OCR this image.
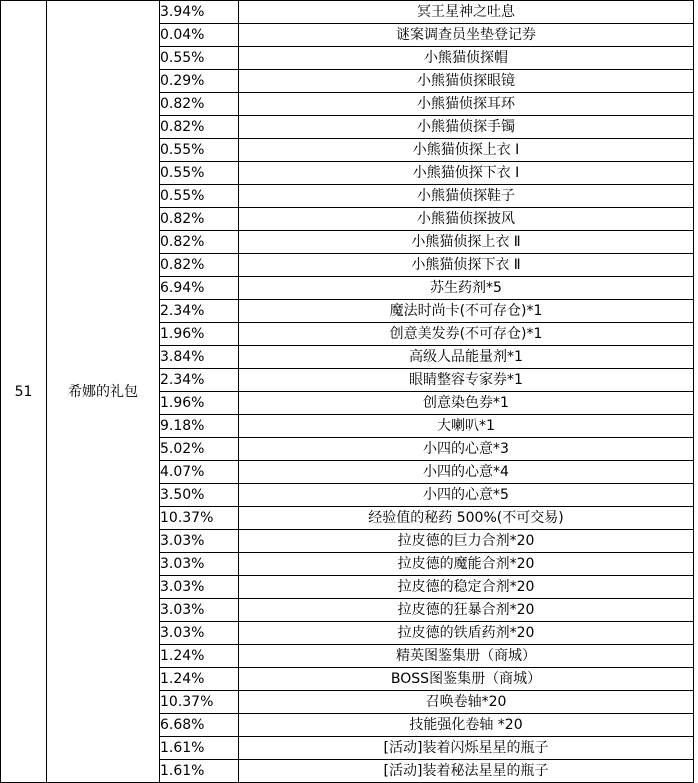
51	希娜的礼包	3.94%	冥王星神之吐息
		0.04%	谜案调查员坐垫登记券
		0.55%	小熊猫侦探帽
		0.29%	小熊猫侦探眼镜
		0.82%	小熊猫侦探耳环
		0.82%	小熊猫侦探手镯
		0.55%	小熊猫侦探上衣 Ⅰ
		0.55%	小熊猫侦探下衣 Ⅰ
		0.55%	小熊猫侦探鞋子
		0.82%	小熊猫侦探披风
		0.82%	小熊猫侦探上衣 Ⅱ
		0.82%	小熊猫侦探下衣 Ⅱ
		6.94%	苏生药剂*5
		2.34%	魔法时尚卡(不可存仓)*1
		1.96%	创意美发券(不可存仓)*1
		3.84%	高级人品能量剂*1
		2.34%	眼睛整容专家券*1
		1.96%	创意染色券*1
		9.18%	大喇叭*1
		5.02%	小四的心意*3
		4.07%	小四的心意*4
		3.50%	小四的心意*5
		10.37%	经验值的秘药 500%(不可交易)
		3.03%	拉皮德的巨力合剂*20
		3.03%	拉皮德的魔能合剂*20
		3.03%	拉皮德的稳定合剂*20
		3.03%	拉皮德的狂暴合剂*20
		3.03%	拉皮德的铁盾药剂*20
		1.24%	精英图鉴集册（商城）
		1.24%	BOSS图鉴集册（商城）
		10.37%	召唤卷轴*20
		6.68%	技能强化卷轴 *20
		1.61%	[活动]装着闪烁星星的瓶子
		1.61%	[活动]装着秘法星星的瓶子
